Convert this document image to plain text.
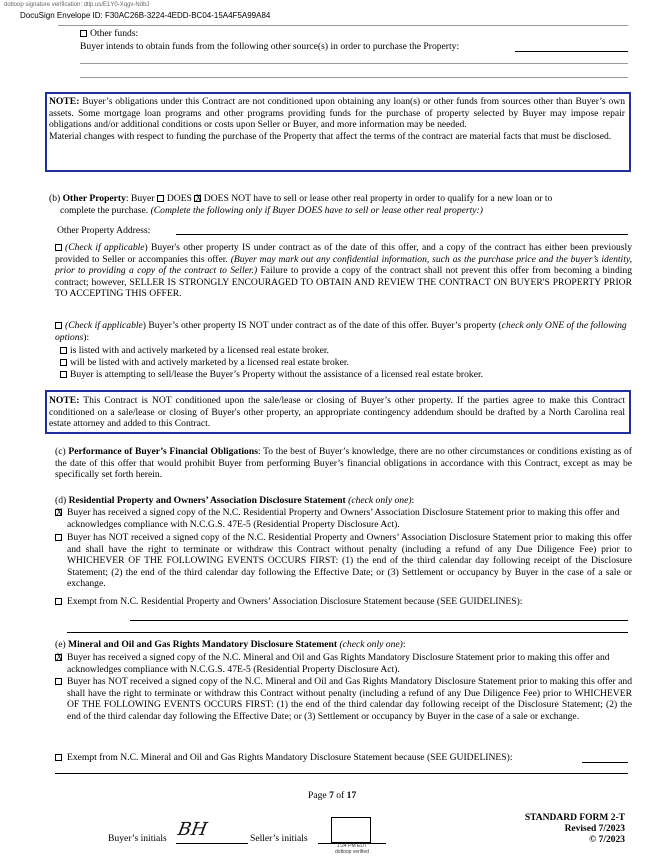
dotloop signature verification: dtlp.us/E1Y0-Xqgv-NdbJ
DocuSign Envelope ID: F30AC26B-3224-4EDD-BC04-15A4F5A99A84
Other funds:
Buyer intends to obtain funds from the following other source(s) in order to purchase the Property:
NOTE: Buyer’s obligations under this Contract are not conditioned upon obtaining any loan(s) or other funds from sources other than Buyer’s own assets. Some mortgage loan programs and other programs providing funds for the purchase of property selected by Buyer may impose repair obligations and/or additional conditions or costs upon Seller or Buyer, and more information may be needed.
Material changes with respect to funding the purchase of the Property that affect the terms of the contract are material facts that must be disclosed.
(b) Other Property: Buyer DOES X DOES NOT have to sell or lease other real property in order to qualify for a new loan or to
complete the purchase. (Complete the following only if Buyer DOES have to sell or lease other real property:)
Other Property Address:
(Check if applicable) Buyer's other property IS under contract as of the date of this offer, and a copy of the contract has either been previously provided to Seller or accompanies this offer. (Buyer may mark out any confidential information, such as the purchase price and the buyer’s identity, prior to providing a copy of the contract to Seller.) Failure to provide a copy of the contract shall not prevent this offer from becoming a binding contract; however, SELLER IS STRONGLY ENCOURAGED TO OBTAIN AND REVIEW THE CONTRACT ON BUYER'S PROPERTY PRIOR TO ACCEPTING THIS OFFER.
(Check if applicable) Buyer’s other property IS NOT under contract as of the date of this offer. Buyer’s property (check only ONE of the following options):
is listed with and actively marketed by a licensed real estate broker.
will be listed with and actively marketed by a licensed real estate broker.
Buyer is attempting to sell/lease the Buyer’s Property without the assistance of a licensed real estate broker.
NOTE: This Contract is NOT conditioned upon the sale/lease or closing of Buyer’s other property. If the parties agree to make this Contract conditioned on a sale/lease or closing of Buyer's other property, an appropriate contingency addendum should be drafted by a North Carolina real estate attorney and added to this Contract.
(c) Performance of Buyer’s Financial Obligations: To the best of Buyer’s knowledge, there are no other circumstances or conditions existing as of the date of this offer that would prohibit Buyer from performing Buyer’s financial obligations in accordance with this Contract, except as may be specifically set forth herein.
(d) Residential Property and Owners’ Association Disclosure Statement (check only one):
X Buyer has received a signed copy of the N.C. Residential Property and Owners’ Association Disclosure Statement prior to making this offer and acknowledges compliance with N.C.G.S. 47E-5 (Residential Property Disclosure Act).
Buyer has NOT received a signed copy of the N.C. Residential Property and Owners’ Association Disclosure Statement prior to making this offer and shall have the right to terminate or withdraw this Contract without penalty (including a refund of any Due Diligence Fee) prior to WHICHEVER OF THE FOLLOWING EVENTS OCCURS FIRST: (1) the end of the third calendar day following receipt of the Disclosure Statement; (2) the end of the third calendar day following the Effective Date; or (3) Settlement or occupancy by Buyer in the case of a sale or exchange.
Exempt from N.C. Residential Property and Owners’ Association Disclosure Statement because (SEE GUIDELINES):
(e) Mineral and Oil and Gas Rights Mandatory Disclosure Statement (check only one):
X Buyer has received a signed copy of the N.C. Mineral and Oil and Gas Rights Mandatory Disclosure Statement prior to making this offer and acknowledges compliance with N.C.G.S. 47E-5 (Residential Property Disclosure Act).
Buyer has NOT received a signed copy of the N.C. Mineral and Oil and Gas Rights Mandatory Disclosure Statement prior to making this offer and shall have the right to terminate or withdraw this Contract without penalty (including a refund of any Due Diligence Fee) prior to WHICHEVER OF THE FOLLOWING EVENTS OCCURS FIRST: (1) the end of the third calendar day following receipt of the Disclosure Statement; (2) the end of the third calendar day following the Effective Date; or (3) Settlement or occupancy by Buyer in the case of a sale or exchange.
Exempt from N.C. Mineral and Oil and Gas Rights Mandatory Disclosure Statement because (SEE GUIDELINES):
Page 7 of 17
Buyer’s initials BH	Seller’s initials
1:24 PM EDT
dotloop verified
STANDARD FORM 2-T
Revised 7/2023
© 7/2023
